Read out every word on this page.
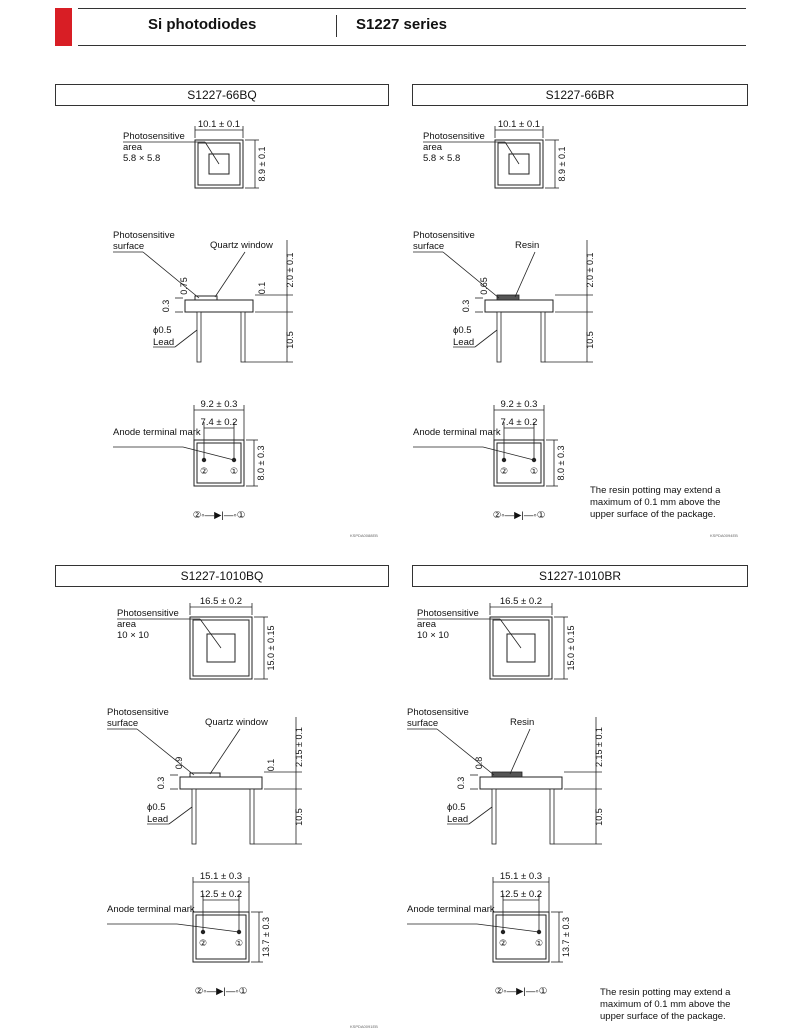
Si photodiodes	S1227 series
S1227-66BQ	S1227-66BR
S1227-1010BQ	S1227-1010BR
10.1 ± 0.1
8.9 ± 0.1
Photosensitive
area
5.8 × 5.8
Photosensitive
surface	Quartz window
0.3
0.75	0.1
2.0 ± 0.1
10.5
ϕ0.5
Lead
9.2 ± 0.3
7.4 ± 0.2
② ① 8.0 ± 0.3
Anode terminal mark
②◦—▶|—◦①
10.1 ± 0.1
8.9 ± 0.1
Photosensitive
area
5.8 × 5.8
Photosensitive
surface	Resin
0.3
0.65	2.0 ± 0.1
10.5
ϕ0.5
Lead
9.2 ± 0.3
7.4 ± 0.2
② ① 8.0 ± 0.3
Anode terminal mark
②◦—▶|—◦①
16.5 ± 0.2
15.0 ± 0.15
Photosensitive
area
10 × 10
Photosensitive
surface	Quartz window
0.3
0.9	0.1 2.15 ± 0.1
10.5
ϕ0.5
Lead
15.1 ± 0.3
12.5 ± 0.2
②	① 13.7 ± 0.3
Anode terminal mark
②◦—▶|—◦①
16.5 ± 0.2
15.0 ± 0.15
Photosensitive
area
10 × 10
Photosensitive
surface	Resin
0.3
0.8	2.15 ± 0.1
10.5
ϕ0.5
Lead
15.1 ± 0.3
12.5 ± 0.2
②	① 13.7 ± 0.3
Anode terminal mark
②◦—▶|—◦①
KSPDA0088EB	KSPDA0094EB
KSPDA0091EB
The resin potting may extend a maximum of 0.1 mm above the upper surface of the package.
The resin potting may extend a maximum of 0.1 mm above the upper surface of the package.
